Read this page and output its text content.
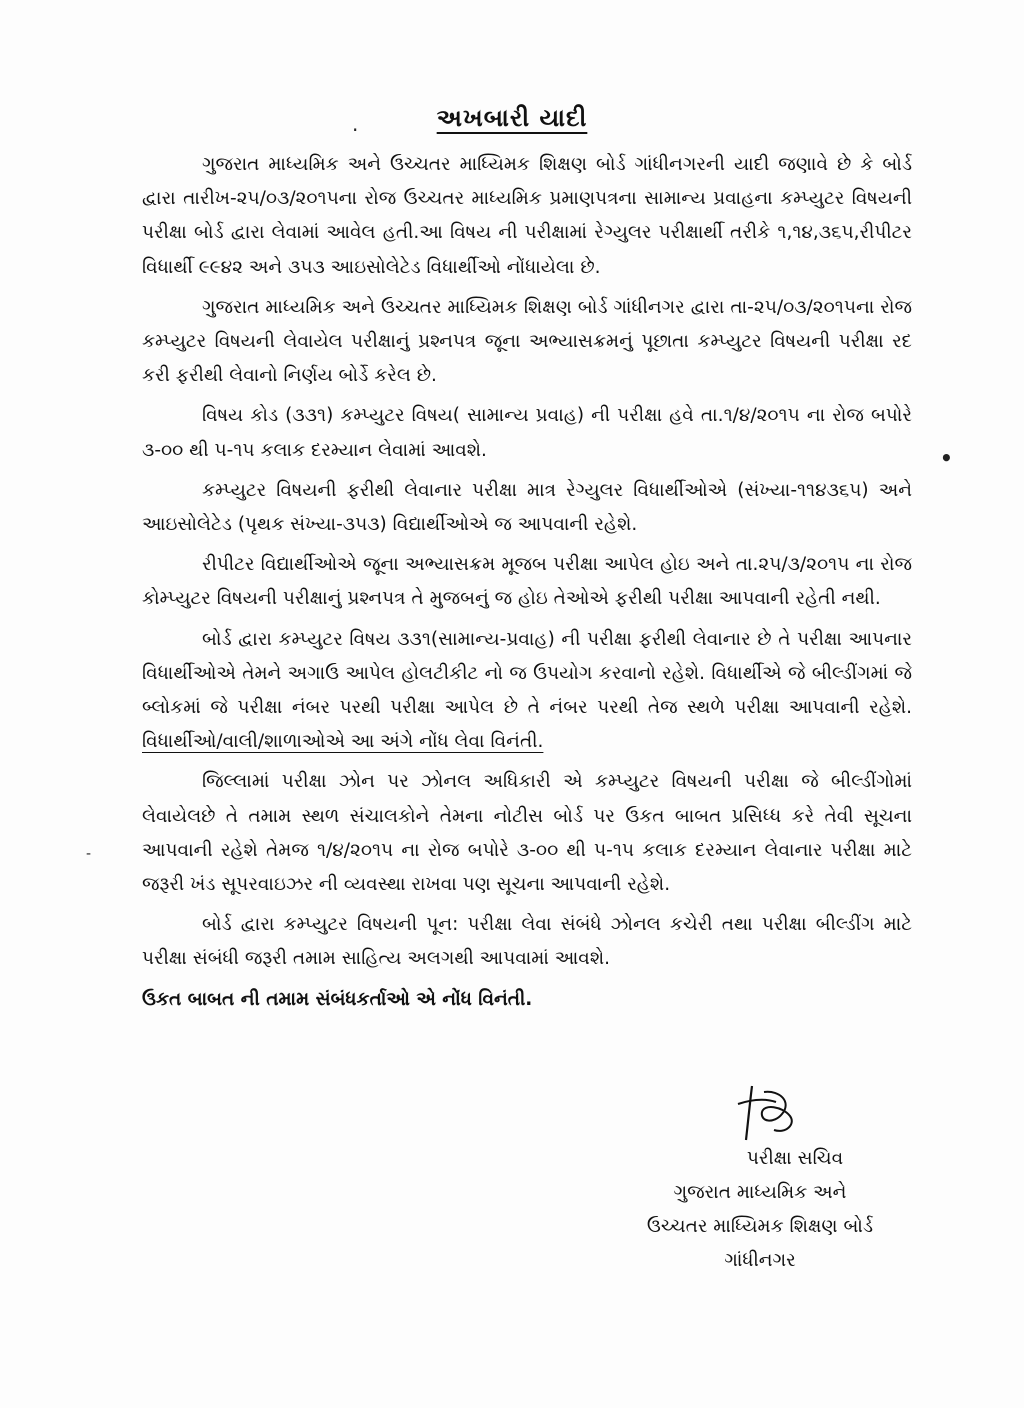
.
•
-
અખબારી યાદી

ગુજરાત માધ્યમિક અને ઉચ્ચતર માધ્યિમક શિક્ષણ બોર્ડ ગાંધીનગરની યાદી જણાવે છે કે બોર્ડ દ્વારા તારીખ-૨૫/૦૩/૨૦૧૫ના રોજ ઉચ્ચતર માધ્યમિક પ્રમાણપત્રના સામાન્ય પ્રવાહના કમ્પ્યુટર વિષયની પરીક્ષા બોર્ડ દ્વારા લેવામાં આવેલ હતી.આ વિષય ની પરીક્ષામાં રેગ્યુલર પરીક્ષાર્થી તરીકે ૧,૧૪,૩૬૫,રીપીટર વિધાર્થી ૯૯૪૨ અને ૩૫૩ આઇસોલેટેડ વિધાર્થીઓ નોંધાયેલા છે.

ગુજરાત માધ્યમિક અને ઉચ્ચતર માધ્યિમક શિક્ષણ બોર્ડ ગાંધીનગર દ્વારા તા-૨૫/૦૩/૨૦૧૫ના રોજ કમ્પ્યુટર વિષયની લેવાયેલ પરીક્ષાનું પ્રશ્નપત્ર જૂના અભ્યાસક્રમનું પૂછાતા કમ્પ્યુટર વિષયની પરીક્ષા રદ કરી ફરીથી લેવાનો નિર્ણય બોર્ડે કરેલ છે.

વિષય કોડ (૩૩૧) કમ્પ્યુટર વિષય( સામાન્ય પ્રવાહ) ની પરીક્ષા હવે તા.૧/૪/૨૦૧૫ ના રોજ બપોરે ૩-૦૦ થી ૫-૧૫ કલાક દરમ્યાન લેવામાં આવશે.

કમ્પ્યુટર વિષયની ફરીથી લેવાનાર પરીક્ષા માત્ર રેગ્યુલર વિધાર્થીઓએ (સંખ્યા-૧૧૪૩૬૫) અને આઇસોલેટેડ (પૃથક સંખ્યા-૩૫૩) વિદ્યાર્થીઓએ જ આપવાની રહેશે.

રીપીટર વિદ્યાર્થીઓએ જૂના અભ્યાસક્રમ મૂજબ પરીક્ષા આપેલ હોઇ અને તા.૨૫/૩/૨૦૧૫ ના રોજ કોમ્પ્યુટર વિષયની પરીક્ષાનું પ્રશ્નપત્ર તે મુજબનું જ હોઇ તેઓએ ફરીથી પરીક્ષા આપવાની રહેતી નથી.

બોર્ડ દ્વારા કમ્પ્યુટર વિષય ૩૩૧(સામાન્ય-પ્રવાહ) ની પરીક્ષા ફરીથી લેવાનાર છે તે પરીક્ષા આપનાર વિધાર્થીઓએ તેમને અગાઉ આપેલ હોલટીકીટ નો જ ઉપયોગ કરવાનો રહેશે. વિધાર્થીએ જે બીલ્ડીંગમાં જે બ્લોકમાં જે પરીક્ષા નંબર પરથી પરીક્ષા આપેલ છે તે નંબર પરથી તેજ સ્થળે પરીક્ષા આપવાની રહેશે. વિધાર્થીઓ/વાલી/શાળાઓએ આ અંગે નોંધ લેવા વિનંતી.

જિલ્લામાં પરીક્ષા ઝોન પર ઝોનલ અધિકારી એ કમ્પ્યુટર વિષયની પરીક્ષા જે બીલ્ડીંગોમાં લેવાયેલછે તે તમામ સ્થળ સંચાલકોને તેમના નોટીસ બોર્ડ પર ઉકત બાબત પ્રસિધ્ધ કરે તેવી સૂચના આપવાની રહેશે તેમજ ૧/૪/૨૦૧૫ ના રોજ બપોરે ૩-૦૦ થી ૫-૧૫ કલાક દરમ્યાન લેવાનાર પરીક્ષા માટે જરૂરી ખંડ સૂપરવાઇઝર ની વ્યવસ્થા રાખવા પણ સૂચના આપવાની રહેશે.

બોર્ડ દ્વારા કમ્પ્યુટર વિષયની પૂન: પરીક્ષા લેવા સંબંધે ઝોનલ કચેરી તથા પરીક્ષા બીલ્ડીંગ માટે પરીક્ષા સંબંધી જરૂરી તમામ સાહિત્ય અલગથી આપવામાં આવશે.

ઉકત બાબત ની તમામ સંબંધકર્તાઓ એ નોંધ વિનંતી.

પરીક્ષા સચિવ
ગુજરાત માધ્યમિક અને
ઉચ્ચતર માધ્યિમક શિક્ષણ બોર્ડ
ગાંધીનગર
